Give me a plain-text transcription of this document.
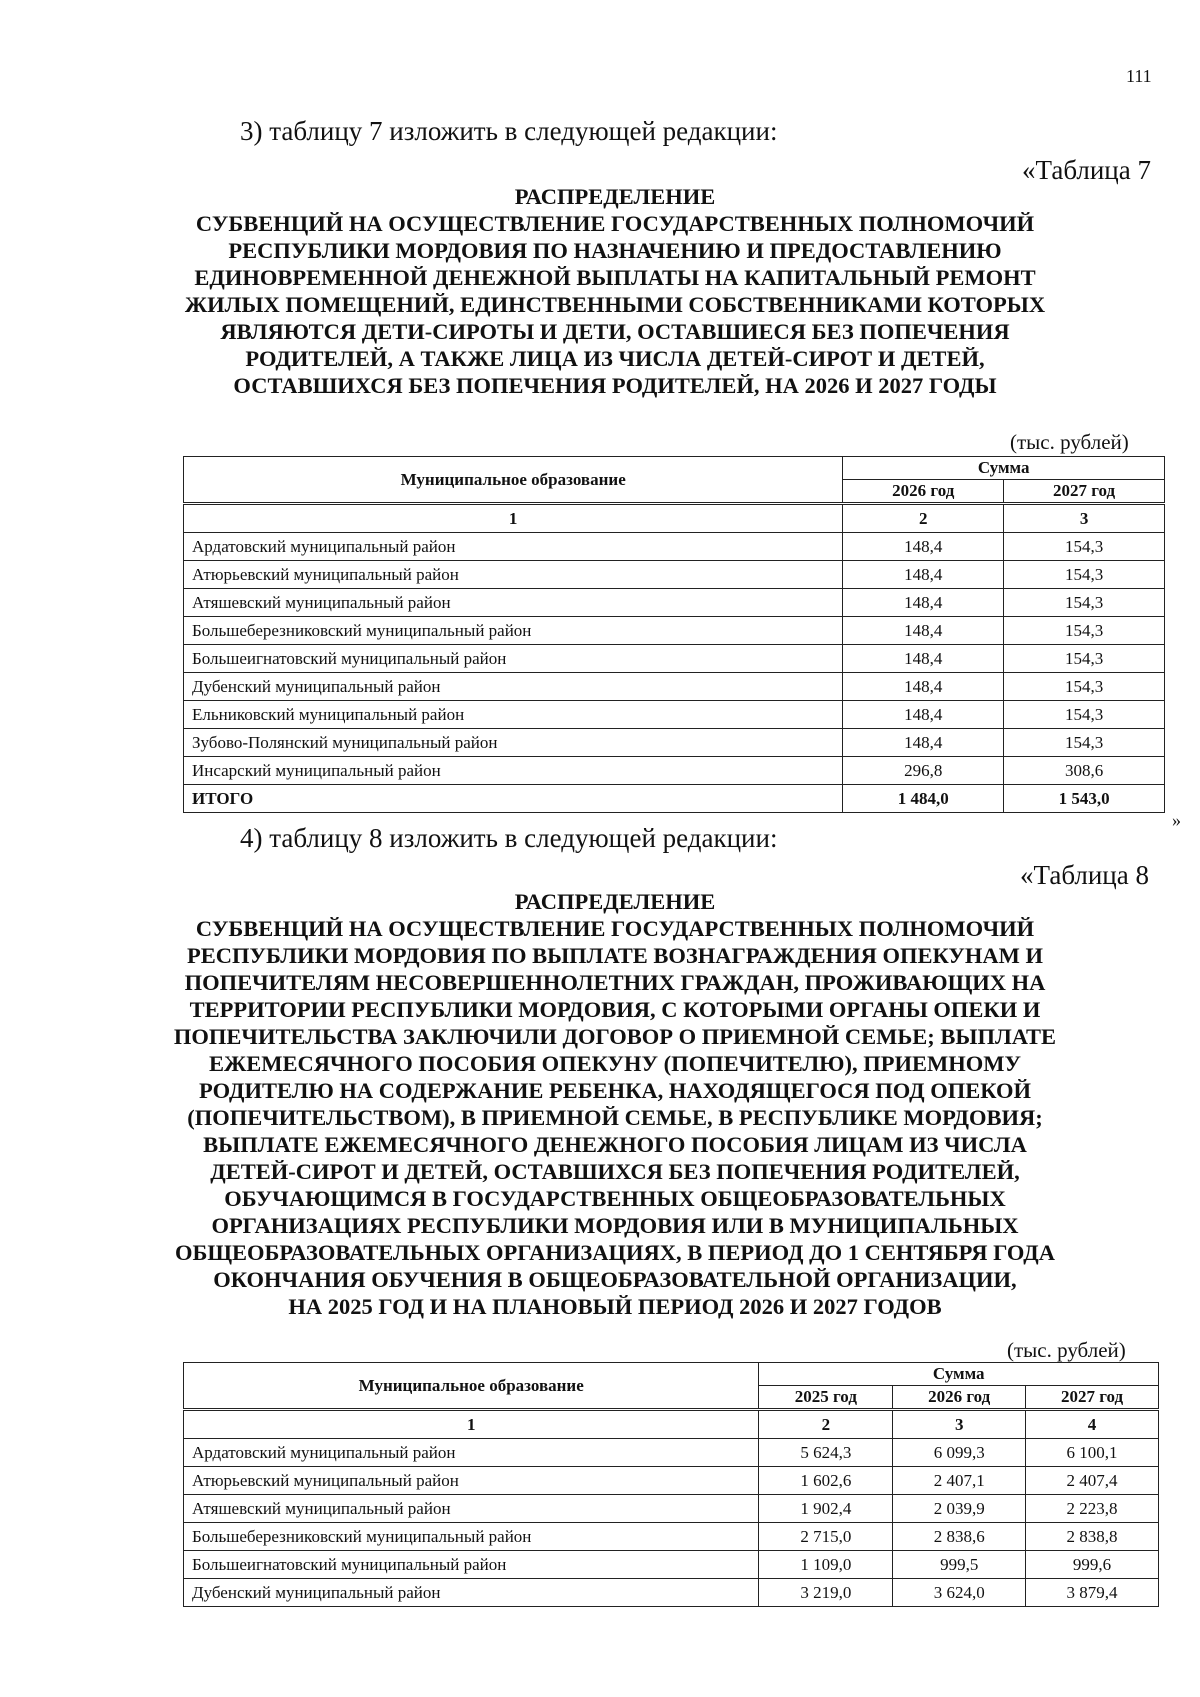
111
3) таблицу 7 изложить в следующей редакции:
«Таблица 7
РАСПРЕДЕЛЕНИЕ
СУБВЕНЦИЙ НА ОСУЩЕСТВЛЕНИЕ ГОСУДАРСТВЕННЫХ ПОЛНОМОЧИЙ
РЕСПУБЛИКИ МОРДОВИЯ ПО НАЗНАЧЕНИЮ И ПРЕДОСТАВЛЕНИЮ
ЕДИНОВРЕМЕННОЙ ДЕНЕЖНОЙ ВЫПЛАТЫ НА КАПИТАЛЬНЫЙ РЕМОНТ
ЖИЛЫХ ПОМЕЩЕНИЙ, ЕДИНСТВЕННЫМИ СОБСТВЕННИКАМИ КОТОРЫХ
ЯВЛЯЮТСЯ ДЕТИ-СИРОТЫ И ДЕТИ, ОСТАВШИЕСЯ БЕЗ ПОПЕЧЕНИЯ
РОДИТЕЛЕЙ, А ТАКЖЕ ЛИЦА ИЗ ЧИСЛА ДЕТЕЙ-СИРОТ И ДЕТЕЙ,
ОСТАВШИХСЯ БЕЗ ПОПЕЧЕНИЯ РОДИТЕЛЕЙ, НА 2026 И 2027 ГОДЫ
(тыс. рублей)
Муниципальное образование	Сумма	
	2026 год	2027 год
1	2	3
Ардатовский муниципальный район	148,4	154,3
Атюрьевский муниципальный район	148,4	154,3
Атяшевский муниципальный район	148,4	154,3
Большеберезниковский муниципальный район	148,4	154,3
Большеигнатовский муниципальный район	148,4	154,3
Дубенский муниципальный район	148,4	154,3
Ельниковский муниципальный район	148,4	154,3
Зубово-Полянский муниципальный район	148,4	154,3
Инсарский муниципальный район	296,8	308,6
ИТОГО	1 484,0	1 543,0
»
4) таблицу 8 изложить в следующей редакции:
«Таблица 8
РАСПРЕДЕЛЕНИЕ
СУБВЕНЦИЙ НА ОСУЩЕСТВЛЕНИЕ ГОСУДАРСТВЕННЫХ ПОЛНОМОЧИЙ
РЕСПУБЛИКИ МОРДОВИЯ ПО ВЫПЛАТЕ ВОЗНАГРАЖДЕНИЯ ОПЕКУНАМ И
ПОПЕЧИТЕЛЯМ НЕСОВЕРШЕННОЛЕТНИХ ГРАЖДАН, ПРОЖИВАЮЩИХ НА
ТЕРРИТОРИИ РЕСПУБЛИКИ МОРДОВИЯ, С КОТОРЫМИ ОРГАНЫ ОПЕКИ И
ПОПЕЧИТЕЛЬСТВА ЗАКЛЮЧИЛИ ДОГОВОР О ПРИЕМНОЙ СЕМЬЕ; ВЫПЛАТЕ
ЕЖЕМЕСЯЧНОГО ПОСОБИЯ ОПЕКУНУ (ПОПЕЧИТЕЛЮ), ПРИЕМНОМУ
РОДИТЕЛЮ НА СОДЕРЖАНИЕ РЕБЕНКА, НАХОДЯЩЕГОСЯ ПОД ОПЕКОЙ
(ПОПЕЧИТЕЛЬСТВОМ), В ПРИЕМНОЙ СЕМЬЕ, В РЕСПУБЛИКЕ МОРДОВИЯ;
ВЫПЛАТЕ ЕЖЕМЕСЯЧНОГО ДЕНЕЖНОГО ПОСОБИЯ ЛИЦАМ ИЗ ЧИСЛА
ДЕТЕЙ-СИРОТ И ДЕТЕЙ, ОСТАВШИХСЯ БЕЗ ПОПЕЧЕНИЯ РОДИТЕЛЕЙ,
ОБУЧАЮЩИМСЯ В ГОСУДАРСТВЕННЫХ ОБЩЕОБРАЗОВАТЕЛЬНЫХ
ОРГАНИЗАЦИЯХ РЕСПУБЛИКИ МОРДОВИЯ ИЛИ В МУНИЦИПАЛЬНЫХ
ОБЩЕОБРАЗОВАТЕЛЬНЫХ ОРГАНИЗАЦИЯХ, В ПЕРИОД ДО 1 СЕНТЯБРЯ ГОДА
ОКОНЧАНИЯ ОБУЧЕНИЯ В ОБЩЕОБРАЗОВАТЕЛЬНОЙ ОРГАНИЗАЦИИ,
НА 2025 ГОД И НА ПЛАНОВЫЙ ПЕРИОД 2026 И 2027 ГОДОВ
(тыс. рублей)
Муниципальное образование	Сумма		
	2025 год	2026 год	2027 год
1	2	3	4
Ардатовский муниципальный район	5 624,3	6 099,3	6 100,1
Атюрьевский муниципальный район	1 602,6	2 407,1	2 407,4
Атяшевский муниципальный район	1 902,4	2 039,9	2 223,8
Большеберезниковский муниципальный район	2 715,0	2 838,6	2 838,8
Большеигнатовский муниципальный район	1 109,0	999,5	999,6
Дубенский муниципальный район	3 219,0	3 624,0	3 879,4
